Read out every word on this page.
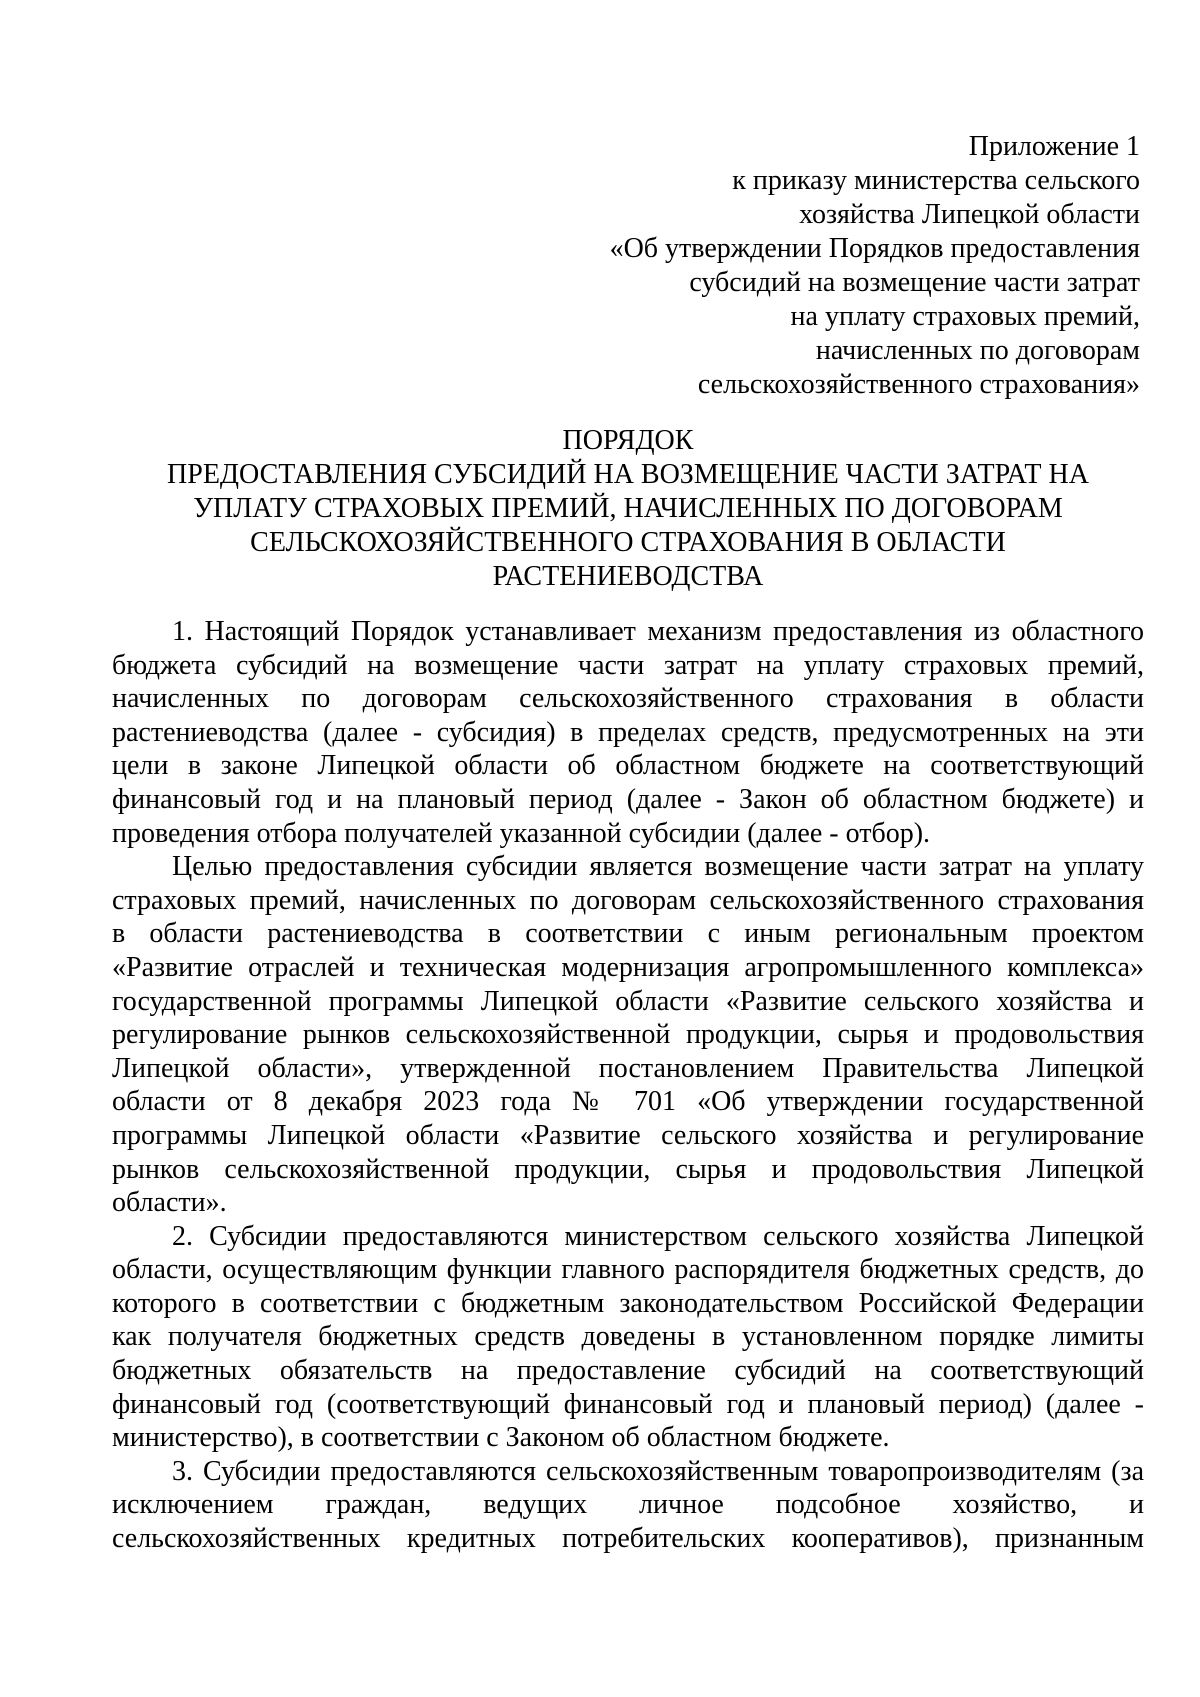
Приложение 1
к приказу министерства сельского
хозяйства Липецкой области
«Об утверждении Порядков предоставления
субсидий на возмещение части затрат
на уплату страховых премий,
начисленных по договорам
сельскохозяйственного страхования»
ПОРЯДОК
ПРЕДОСТАВЛЕНИЯ СУБСИДИЙ НА ВОЗМЕЩЕНИЕ ЧАСТИ ЗАТРАТ НА
УПЛАТУ СТРАХОВЫХ ПРЕМИЙ, НАЧИСЛЕННЫХ ПО ДОГОВОРАМ
СЕЛЬСКОХОЗЯЙСТВЕННОГО СТРАХОВАНИЯ В ОБЛАСТИ
РАСТЕНИЕВОДСТВА
1. Настоящий Порядок устанавливает механизм предоставления из областного
бюджета субсидий на возмещение части затрат на уплату страховых премий,
начисленных по договорам сельскохозяйственного страхования в области
растениеводства (далее - субсидия) в пределах средств, предусмотренных на эти
цели в законе Липецкой области об областном бюджете на соответствующий
финансовый год и на плановый период (далее - Закон об областном бюджете) и
проведения отбора получателей указанной субсидии (далее - отбор).
Целью предоставления субсидии является возмещение части затрат на уплату
страховых премий, начисленных по договорам сельскохозяйственного страхования
в области растениеводства в соответствии с иным региональным проектом
«Развитие отраслей и техническая модернизация агропромышленного комплекса»
государственной программы Липецкой области «Развитие сельского хозяйства и
регулирование рынков сельскохозяйственной продукции, сырья и продовольствия
Липецкой области», утвержденной постановлением Правительства Липецкой
области от 8 декабря 2023 года № 701 «Об утверждении государственной
программы Липецкой области «Развитие сельского хозяйства и регулирование
рынков сельскохозяйственной продукции, сырья и продовольствия Липецкой
области».
2. Субсидии предоставляются министерством сельского хозяйства Липецкой
области, осуществляющим функции главного распорядителя бюджетных средств, до
которого в соответствии с бюджетным законодательством Российской Федерации
как получателя бюджетных средств доведены в установленном порядке лимиты
бюджетных обязательств на предоставление субсидий на соответствующий
финансовый год (соответствующий финансовый год и плановый период) (далее -
министерство), в соответствии с Законом об областном бюджете.
3. Субсидии предоставляются сельскохозяйственным товаропроизводителям (за
исключением граждан, ведущих личное подсобное хозяйство, и
сельскохозяйственных кредитных потребительских кооперативов), признанным
